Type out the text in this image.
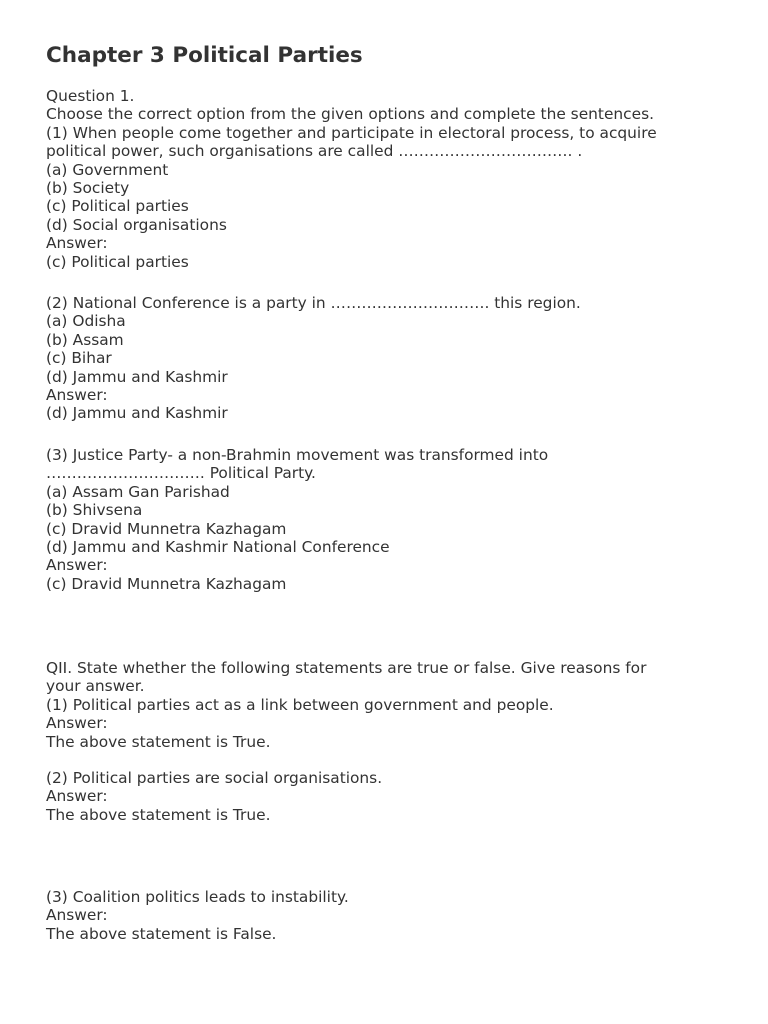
Chapter 3 Political Parties
Question 1.
Choose the correct option from the given options and complete the sentences.
(1) When people come together and participate in electoral process, to acquire
political power, such organisations are called ……………………………. .
(a) Government
(b) Society
(c) Political parties
(d) Social organisations
Answer:
(c) Political parties
(2) National Conference is a party in …………………………. this region.
(a) Odisha
(b) Assam
(c) Bihar
(d) Jammu and Kashmir
Answer:
(d) Jammu and Kashmir
(3) Justice Party- a non-Brahmin movement was transformed into
…………………………. Political Party.
(a) Assam Gan Parishad
(b) Shivsena
(c) Dravid Munnetra Kazhagam
(d) Jammu and Kashmir National Conference
Answer:
(c) Dravid Munnetra Kazhagam
QII. State whether the following statements are true or false. Give reasons for
your answer.
(1) Political parties act as a link between government and people.
Answer:
The above statement is True.
(2) Political parties are social organisations.
Answer:
The above statement is True.
(3) Coalition politics leads to instability.
Answer:
The above statement is False.
